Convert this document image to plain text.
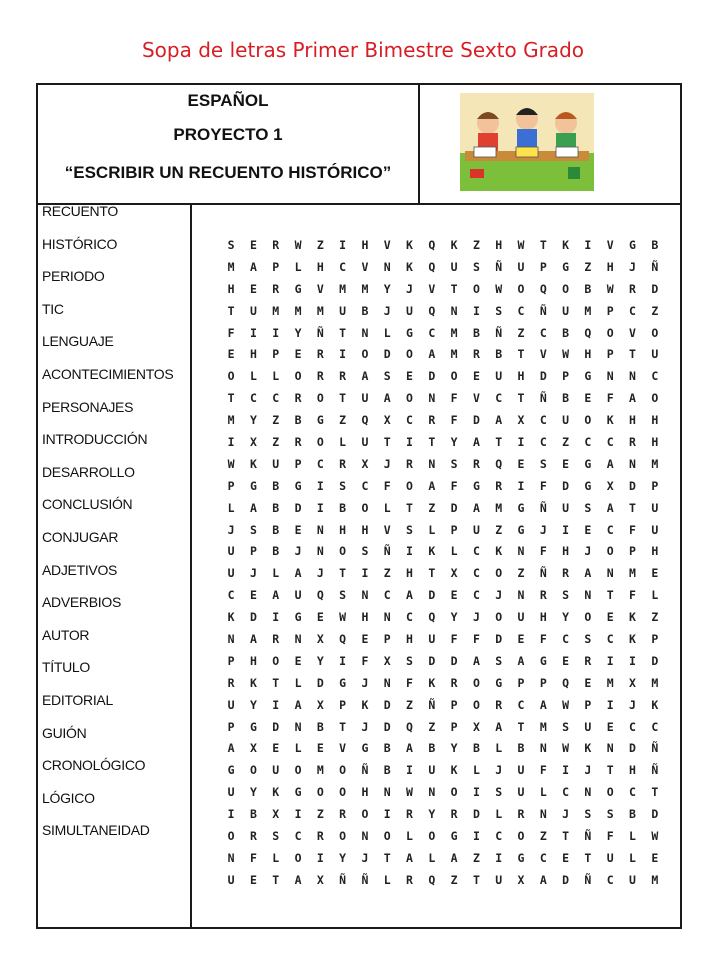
Sopa de letras Primer Bimestre Sexto Grado
ESPAÑOL
PROYECTO 1
“ESCRIBIR UN RECUENTO HISTÓRICO”
RECUENTO
HISTÓRICO
PERIODO
TIC
LENGUAJE
ACONTECIMIENTOS
PERSONAJES
INTRODUCCIÓN
DESARROLLO
CONCLUSIÓN
CONJUGAR
ADJETIVOS
ADVERBIOS
AUTOR
TÍTULO
EDITORIAL
GUIÓN
CRONOLÓGICO
LÓGICO
SIMULTANEIDAD
S	E	R	W	Z	I	H	V	K	Q	K	Z	H	W	T	K	I	V	G	B
M	A	P	L	H	C	V	N	K	Q	U	S	Ñ	U	P	G	Z	H	J	Ñ
H	E	R	G	V	M	M	Y	J	V	T	O	W	O	Q	O	B	W	R	D
T	U	M	M	M	U	B	J	U	Q	N	I	S	C	Ñ	U	M	P	C	Z
F	I	I	Y	Ñ	T	N	L	G	C	M	B	Ñ	Z	C	B	Q	O	V	O
E	H	P	E	R	I	O	D	O	A	M	R	B	T	V	W	H	P	T	U
O	L	L	O	R	R	A	S	E	D	O	E	U	H	D	P	G	N	N	C
T	C	C	R	O	T	U	A	O	N	F	V	C	T	Ñ	B	E	F	A	O
M	Y	Z	B	G	Z	Q	X	C	R	F	D	A	X	C	U	O	K	H	H
I	X	Z	R	O	L	U	T	I	T	Y	A	T	I	C	Z	C	C	R	H
W	K	U	P	C	R	X	J	R	N	S	R	Q	E	S	E	G	A	N	M
P	G	B	G	I	S	C	F	O	A	F	G	R	I	F	D	G	X	D	P
L	A	B	D	I	B	O	L	T	Z	D	A	M	G	Ñ	U	S	A	T	U
J	S	B	E	N	H	H	V	S	L	P	U	Z	G	J	I	E	C	F	U
U	P	B	J	N	O	S	Ñ	I	K	L	C	K	N	F	H	J	O	P	H
U	J	L	A	J	T	I	Z	H	T	X	C	O	Z	Ñ	R	A	N	M	E
C	E	A	U	Q	S	N	C	A	D	E	C	J	N	R	S	N	T	F	L
K	D	I	G	E	W	H	N	C	Q	Y	J	O	U	H	Y	O	E	K	Z
N	A	R	N	X	Q	E	P	H	U	F	F	D	E	F	C	S	C	K	P
P	H	O	E	Y	I	F	X	S	D	D	A	S	A	G	E	R	I	I	D
R	K	T	L	D	G	J	N	F	K	R	O	G	P	P	Q	E	M	X	M
U	Y	I	A	X	P	K	D	Z	Ñ	P	O	R	C	A	W	P	I	J	K
P	G	D	N	B	T	J	D	Q	Z	P	X	A	T	M	S	U	E	C	C
A	X	E	L	E	V	G	B	A	B	Y	B	L	B	N	W	K	N	D	Ñ
G	O	U	O	M	O	Ñ	B	I	U	K	L	J	U	F	I	J	T	H	Ñ
U	Y	K	G	O	O	H	N	W	N	O	I	S	U	L	C	N	O	C	T
I	B	X	I	Z	R	O	I	R	Y	R	D	L	R	N	J	S	S	B	D
O	R	S	C	R	O	N	O	L	O	G	I	C	O	Z	T	Ñ	F	L	W
N	F	L	O	I	Y	J	T	A	L	A	Z	I	G	C	E	T	U	L	E
U	E	T	A	X	Ñ	Ñ	L	R	Q	Z	T	U	X	A	D	Ñ	C	U	M
